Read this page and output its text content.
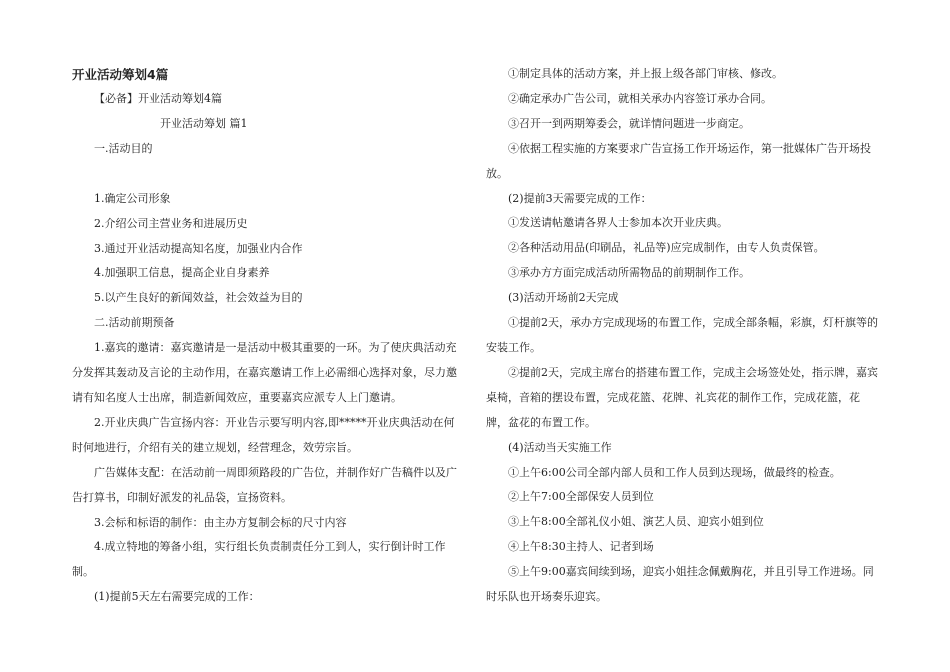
开业活动筹划4篇

【必备】开业活动筹划4篇

开业活动筹划 篇1

一.活动目的

1.确定公司形象

2.介绍公司主营业务和进展历史

3.通过开业活动提高知名度，加强业内合作

4.加强职工信息，提高企业自身素养

5.以产生良好的新闻效益，社会效益为目的

二.活动前期预备

1.嘉宾的邀请：嘉宾邀请是一是活动中极其重要的一环。为了使庆典活动充分发挥其轰动及言论的主动作用，在嘉宾邀请工作上必需细心选择对象，尽力邀请有知名度人士出席，制造新闻效应，重要嘉宾应派专人上门邀请。

2.开业庆典广告宣扬内容：开业告示要写明内容,即*****开业庆典活动在何时何地进行，介绍有关的建立规划，经营理念，效劳宗旨。

广告媒体支配：在活动前一周即须路段的广告位，并制作好广告稿件以及广告打算书，印制好派发的礼品袋，宣扬资料。

3.会标和标语的制作：由主办方复制会标的尺寸内容

4.成立特地的筹备小组，实行组长负责制责任分工到人，实行倒计时工作制。

(1)提前5天左右需要完成的工作：

①制定具体的活动方案，并上报上级各部门审核、修改。

②确定承办广告公司，就相关承办内容签订承办合同。

③召开一到两期筹委会，就详情问题进一步商定。

④依据工程实施的方案要求广告宣扬工作开场运作，第一批媒体广告开场投放。

(2)提前3天需要完成的工作：

①发送请帖邀请各界人士参加本次开业庆典。

②各种活动用品(印刷品，礼品等)应完成制作，由专人负责保管。

③承办方方面完成活动所需物品的前期制作工作。

(3)活动开场前2天完成

①提前2天，承办方完成现场的布置工作，完成全部条幅，彩旗，灯杆旗等的安装工作。

②提前2天，完成主席台的搭建布置工作，完成主会场签处处，指示牌，嘉宾桌椅，音箱的摆设布置，完成花篮、花牌、礼宾花的制作工作，完成花篮，花牌，盆花的布置工作。

(4)活动当天实施工作

①上午6:00公司全部内部人员和工作人员到达现场，做最终的检查。

②上午7:00全部保安人员到位

③上午8:00全部礼仪小姐、演艺人员、迎宾小姐到位

④上午8:30主持人、记者到场

⑤上午9:00嘉宾间续到场，迎宾小姐挂念佩戴胸花，并且引导工作进场。同时乐队也开场奏乐迎宾。
